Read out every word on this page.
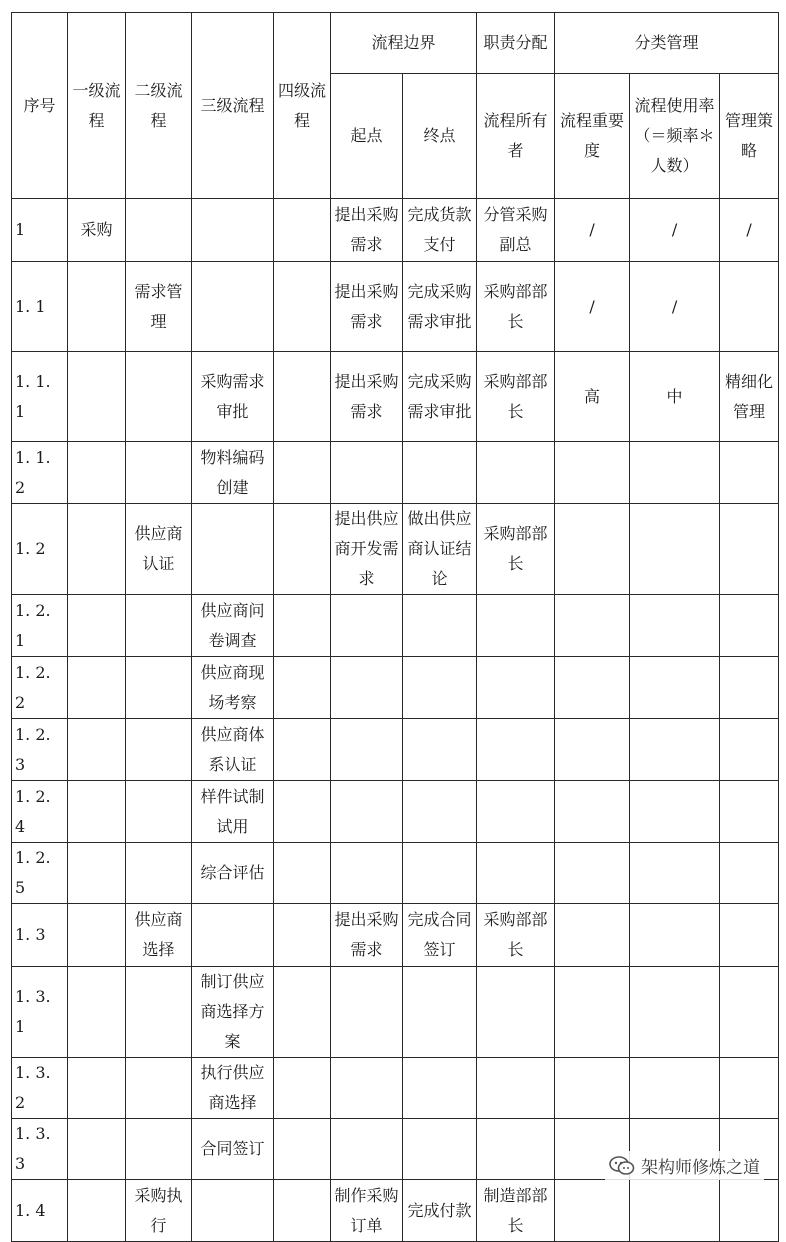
序号	一级流程	二级流程	三级流程	四级流程	流程边界		职责分配	分类管理		
					起点	终点	流程所有者	流程重要度	流程使用率（＝频率＊人数）	管理策略
1	采购				提出采购需求	完成货款支付	分管采购副总	/	/	/
1. 1		需求管理			提出采购需求	完成采购需求审批	采购部部长	/	/	
1. 1. 1			采购需求审批		提出采购需求	完成采购需求审批	采购部部长	高	中	精细化管理
1. 1. 2			物料编码创建							
1. 2		供应商认证			提出供应商开发需求	做出供应商认证结论	采购部部长			
1. 2. 1			供应商问卷调查							
1. 2. 2			供应商现场考察							
1. 2. 3			供应商体系认证							
1. 2. 4			样件试制试用							
1. 2. 5			综合评估							
1. 3		供应商选择			提出采购需求	完成合同签订	采购部部长			
1. 3. 1			制订供应商选择方案							
1. 3. 2			执行供应商选择							
1. 3. 3			合同签订							
1. 4		采购执行			制作采购订单	完成付款	制造部部长			
架构师修炼之道
